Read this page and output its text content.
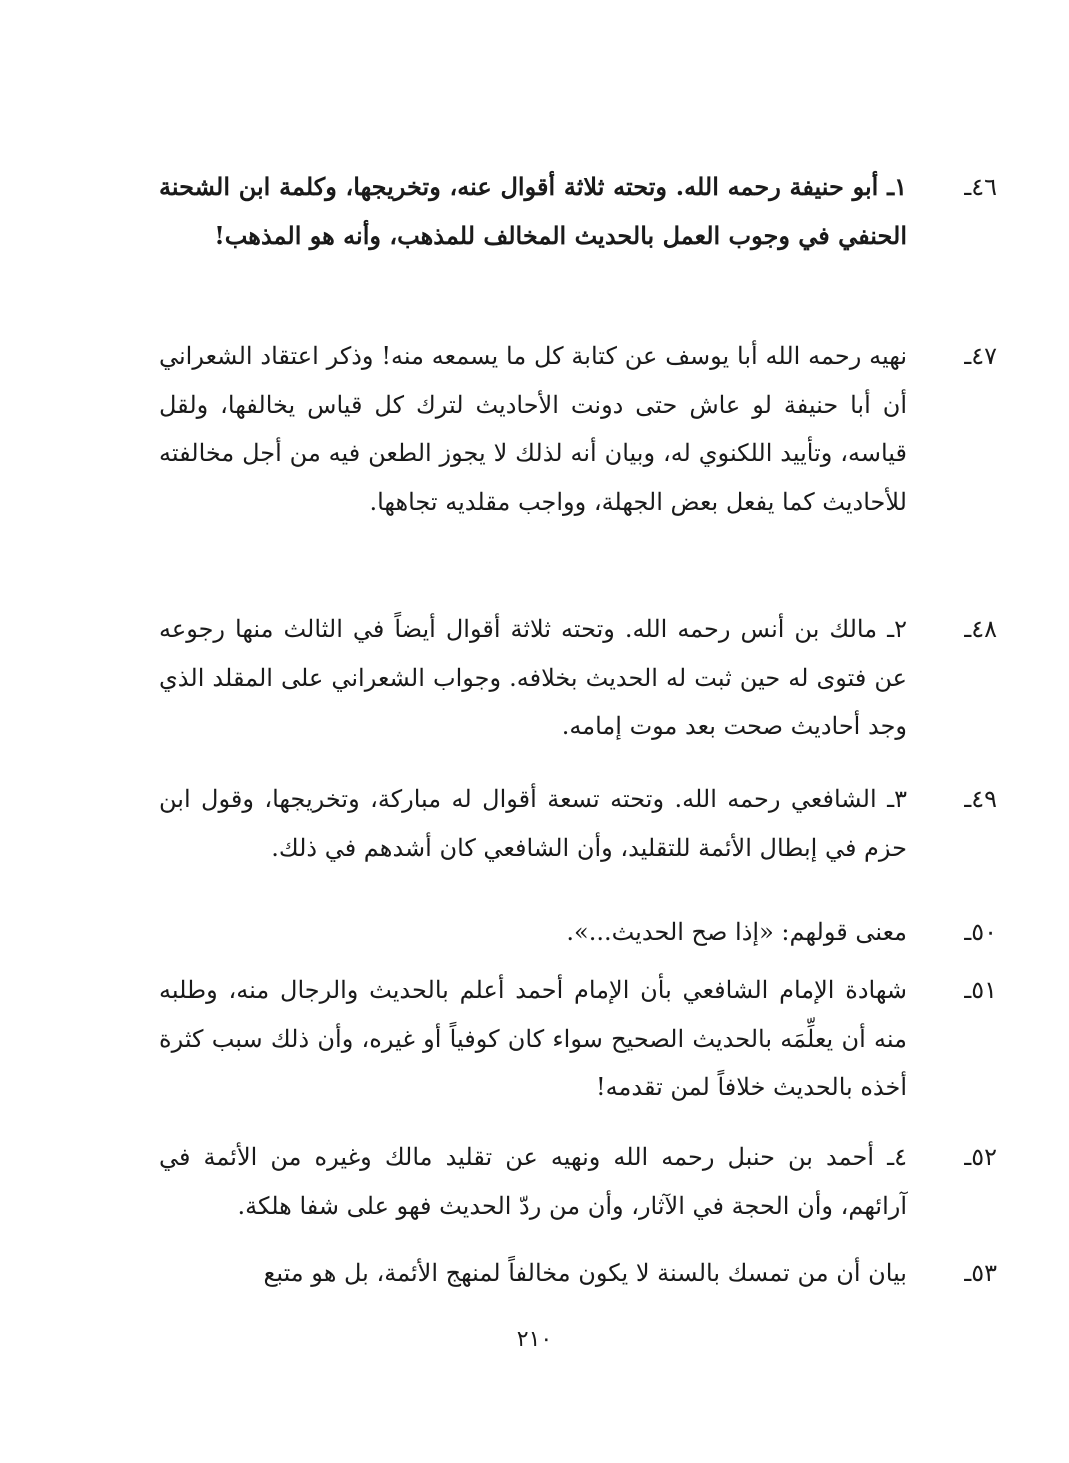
٤٦ـ

١ـ أبو حنيفة رحمه الله. وتحته ثلاثة أقوال عنه، وتخريجها، وكلمة ابن الشحنة الحنفي في وجوب العمل بالحديث المخالف للمذهب، وأنه هو المذهب!

٤٧ـ

نهيه رحمه الله أبا يوسف عن كتابة كل ما يسمعه منه! وذكر اعتقاد الشعراني أن أبا حنيفة لو عاش حتى دونت الأحاديث لترك كل قياس يخالفها، ولقل قياسه، وتأييد اللكنوي له، وبيان أنه لذلك لا يجوز الطعن فيه من أجل مخالفته للأحاديث كما يفعل بعض الجهلة، وواجب مقلديه تجاهها.

٤٨ـ

٢ـ مالك بن أنس رحمه الله. وتحته ثلاثة أقوال أيضاً في الثالث منها رجوعه عن فتوى له حين ثبت له الحديث بخلافه. وجواب الشعراني على المقلد الذي وجد أحاديث صحت بعد موت إمامه.

٤٩ـ

٣ـ الشافعي رحمه الله. وتحته تسعة أقوال له مباركة، وتخريجها، وقول ابن حزم في إبطال الأئمة للتقليد، وأن الشافعي كان أشدهم في ذلك.

٥٠ـ

معنى قولهم: «إذا صح الحديث...».

٥١ـ

شهادة الإمام الشافعي بأن الإمام أحمد أعلم بالحديث والرجال منه، وطلبه منه أن يعلِّمَه بالحديث الصحيح سواء كان كوفياً أو غيره، وأن ذلك سبب كثرة أخذه بالحديث خلافاً لمن تقدمه!

٥٢ـ

٤ـ أحمد بن حنبل رحمه الله ونهيه عن تقليد مالك وغيره من الأئمة في آرائهم، وأن الحجة في الآثار، وأن من ردّ الحديث فهو على شفا هلكة.

٥٣ـ

بيان أن من تمسك بالسنة لا يكون مخالفاً لمنهج الأئمة، بل هو متبع

٢١٠
